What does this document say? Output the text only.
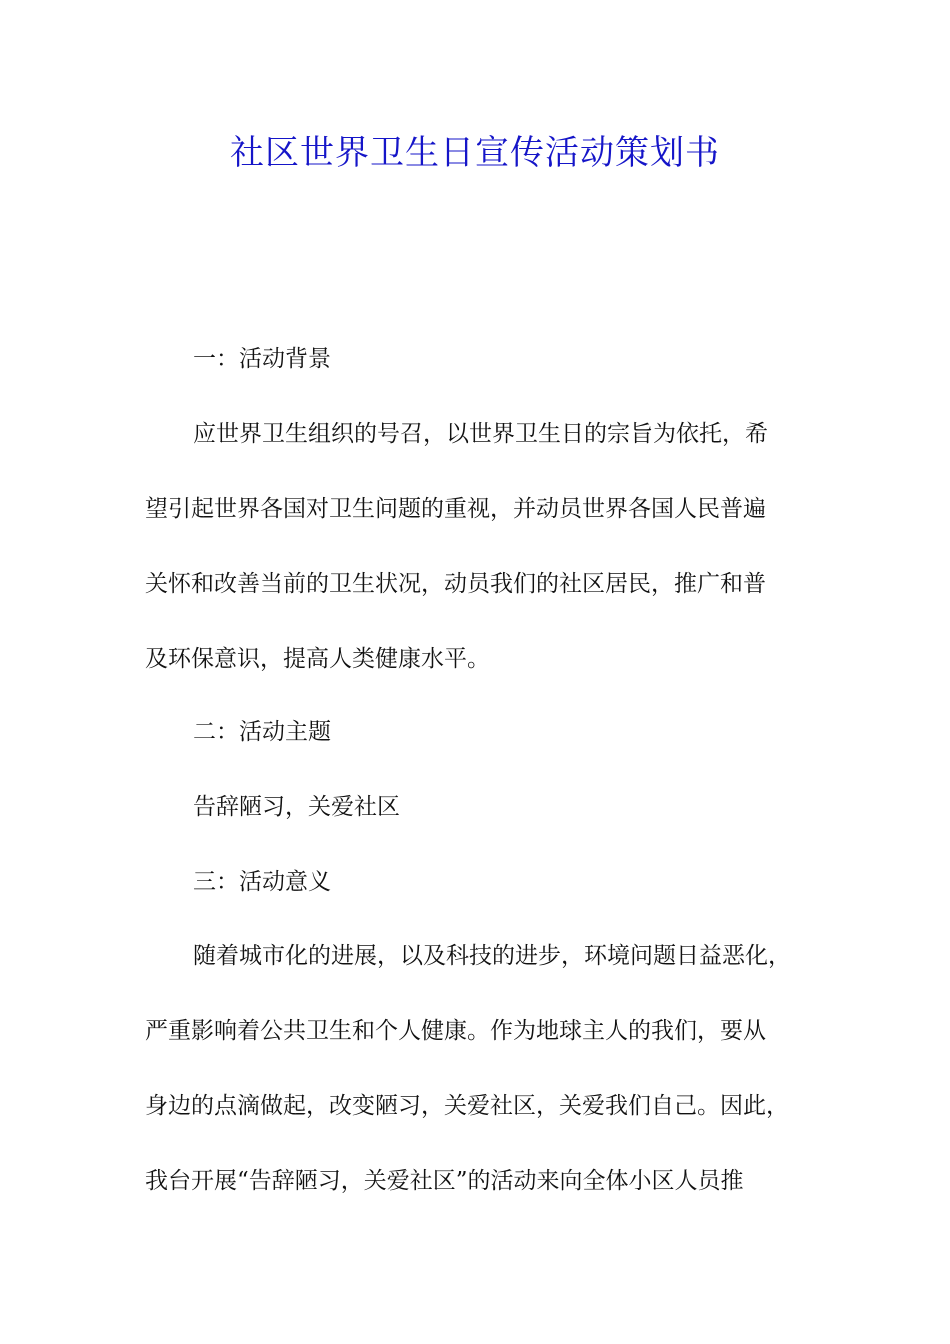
社区世界卫生日宣传活动策划书

一：活动背景

应世界卫生组织的号召，以世界卫生日的宗旨为依托，希

望引起世界各国对卫生问题的重视，并动员世界各国人民普遍

关怀和改善当前的卫生状况，动员我们的社区居民，推广和普

及环保意识，提高人类健康水平。

二：活动主题

告辞陋习，关爱社区

三：活动意义

随着城市化的进展，以及科技的进步，环境问题日益恶化，

严重影响着公共卫生和个人健康。作为地球主人的我们，要从

身边的点滴做起，改变陋习，关爱社区，关爱我们自己。因此，

我台开展“告辞陋习，关爱社区”的活动来向全体小区人员推
